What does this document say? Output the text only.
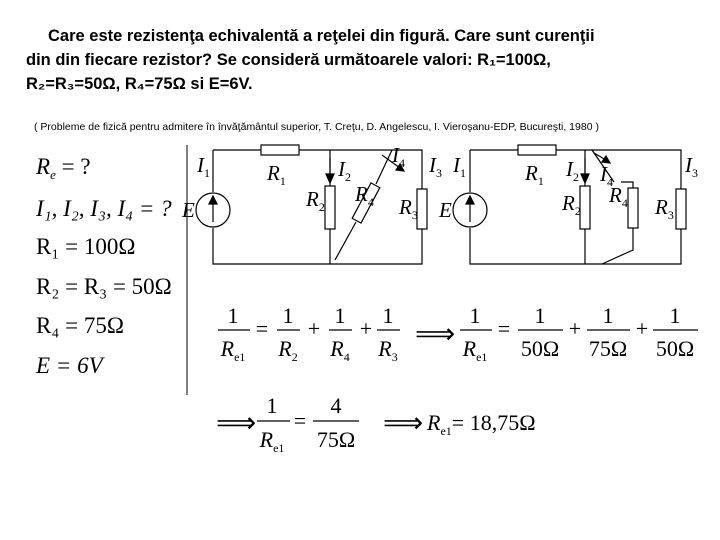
Care este rezistenţa echivalentă a reţelei din figură. Care sunt curenţii
din din fiecare rezistor? Se consideră următoarele valori: R₁=100Ω,
R₂=R₃=50Ω, R₄=75Ω si E=6V.
( Probleme de fizică pentru admitere în învăţământul superior, T. Creţu, D. Angelescu, I. Vieroşanu-EDP, Bucureşti, 1980 )
$R_e$ = ?
I₁, I₂, I₃, I₄ = ?
R₁ = 100Ω
R₂ = R₃ = 50Ω
R₄ = 75Ω
E = 6V
$I_1$
E
$R_1$ $I_2$
$R_2$
$R_4$
$I_4$ $I_3$
$R_3$
$I_1$
E
$R_1$ $I_2$ $I_4$
$R_2$
$R_4$
$I_3$
$R_3$
1
$R_{e1}$
=
1
$R_2$
+
1
$R_4$
+
1
$R_3$
⟹
1
$R_{e1}$
=
1
50Ω
+
1
75Ω
+
1
50Ω
⟹
1
$R_{e1}$
=
4
75Ω
⟹ $R_{e1}= 18,75\Omega$
